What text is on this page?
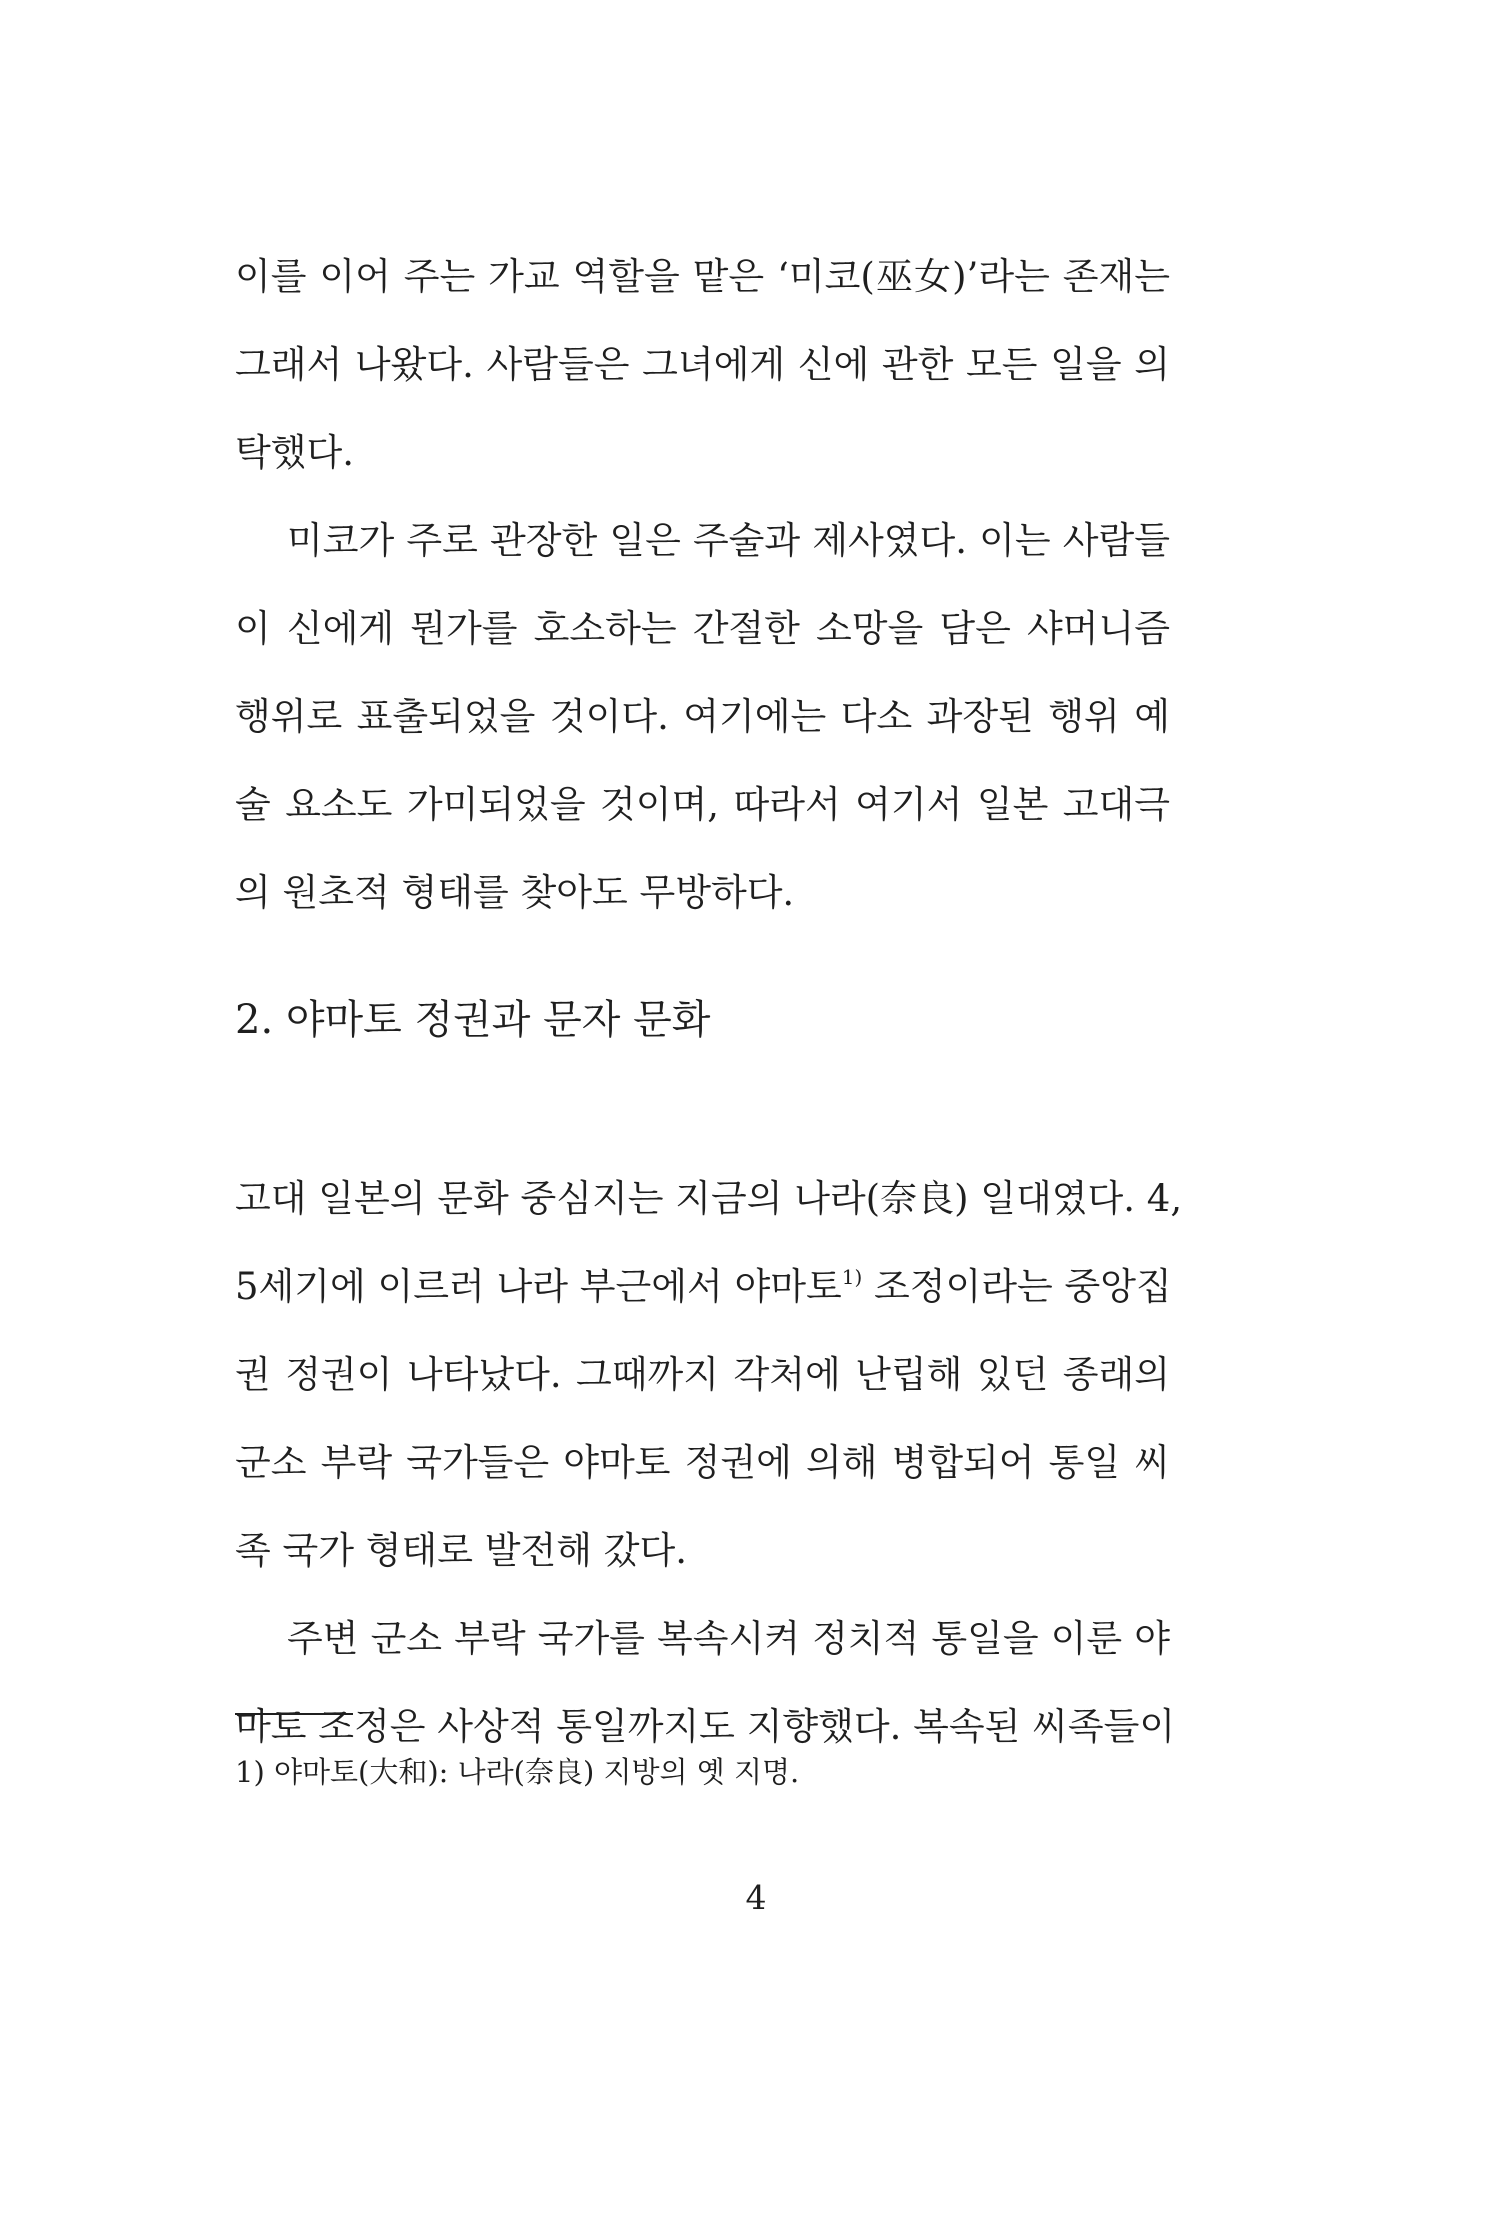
이를 이어 주는 가교 역할을 맡은 ‘미코(巫女)’라는 존재는
그래서 나왔다. 사람들은 그녀에게 신에 관한 모든 일을 의
탁했다.
미코가 주로 관장한 일은 주술과 제사였다. 이는 사람들
이 신에게 뭔가를 호소하는 간절한 소망을 담은 샤머니즘
행위로 표출되었을 것이다. 여기에는 다소 과장된 행위 예
술 요소도 가미되었을 것이며, 따라서 여기서 일본 고대극
의 원초적 형태를 찾아도 무방하다.
2. 야마토 정권과 문자 문화
고대 일본의 문화 중심지는 지금의 나라(奈良) 일대였다. 4,
5세기에 이르러 나라 부근에서 야마토$^{1)}$ 조정이라는 중앙집
권 정권이 나타났다. 그때까지 각처에 난립해 있던 종래의
군소 부락 국가들은 야마토 정권에 의해 병합되어 통일 씨
족 국가 형태로 발전해 갔다.
주변 군소 부락 국가를 복속시켜 정치적 통일을 이룬 야
마토 조정은 사상적 통일까지도 지향했다. 복속된 씨족들이
1) 야마토(大和): 나라(奈良) 지방의 옛 지명.
4
